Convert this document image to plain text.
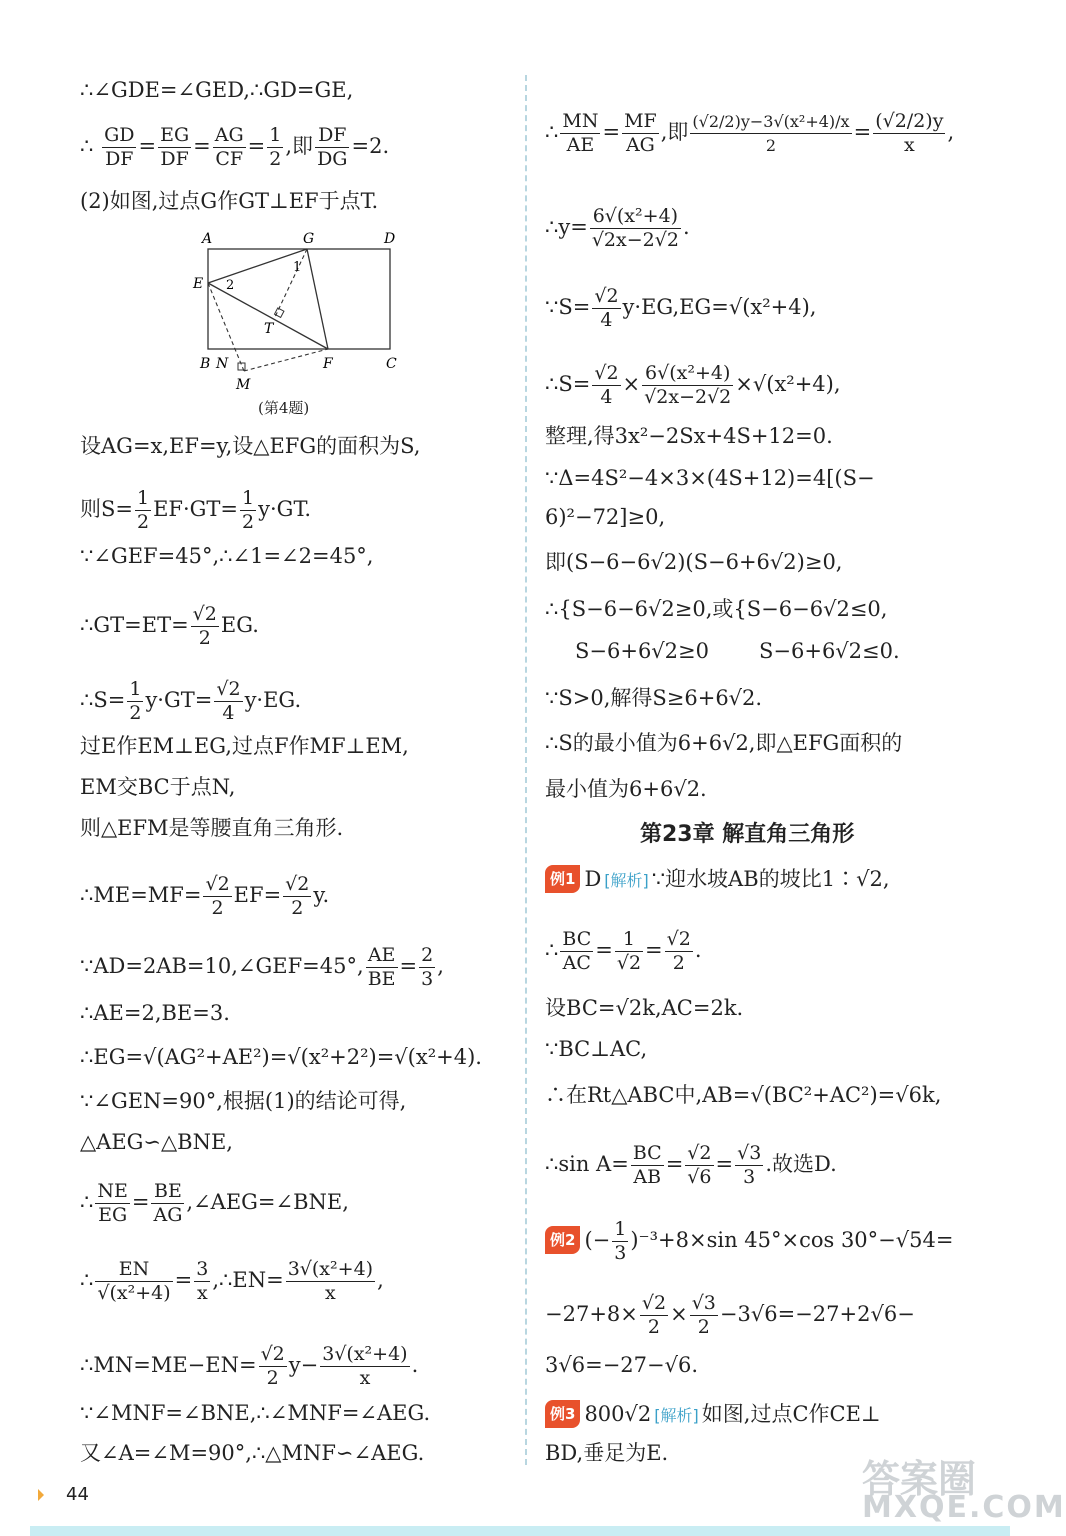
∴∠GDE=∠GED,∴GD=GE,
∴ $\frac{GD}{DF} = \frac{EG}{DF} = \frac{AG}{CF} = \frac{1}{2}$ ,即 $\frac{DF}{DG} =2$.
(2)如图,过点G作GT⊥EF于点T.
A	G	D
E
B N	F	C
T
M
1
2
(第4题)
设AG=x,EF=y,设△EFG的面积为S,
则$S= \frac{1}{2} EF\cdot GT= \frac{1}{2} y\cdot GT$.
∵∠GEF=45°,∴∠1=∠2=45°,
∴GT=ET= $\frac{√2}{2}$ EG.
∴S= $\frac{1}{2} y\cdot GT= \frac{√2}{4} y\cdot EG$.
过E作EM⊥EG,过点F作MF⊥EM,
EM交BC于点N,
则△EFM是等腰直角三角形.
∴ME=MF= $\frac{√2}{2} EF= \frac{√2}{2} y$.
∵AD=2AB=10,∠GEF=45°, $\frac{AE}{BE} = \frac{2}{3}$ ,
∴AE=2,BE=3.
∴EG=√(AG²+AE²)=√(x²+2²)=√(x²+4).
∵∠GEN=90°,根据(1)的结论可得,
△AEG∽△BNE,
∴ $\frac{NE}{EG} = \frac{BE}{AG}$ ,∠AEG=∠BNE,
∴ $\frac{EN}{\text{√(x²+4)}} = \frac{3}{x}$ ,∴EN= $\frac{\text{3√(x²+4)}}{x}$ ,
∴MN=ME−EN= $\frac{√2}{2} y- \frac{\text{3√(x²+4)}}{x}$ .
∵∠MNF=∠BNE,∴∠MNF=∠AEG.
又∠A=∠M=90°,∴△MNF∽∠AEG.
∴ $\frac{MN}{AE} = \frac{MF}{AG}$ ,即 $\frac{\text{(√2/2)y−3√(x²+4)/x}}{2} = \frac{(√2/2)y}{x}$ ,
∴y= $\frac{\text{6√(x²+4)}}{√2x-2√2}$ .
∵S= $\frac{√2}{4} y\cdot EG,EG=√(x^2+4)$,
∴S= $\frac{√2}{4} \times \frac{\text{6√(x²+4)}}{√2x-2√2} \times√(x^2+4)$,
整理,得3x²−2Sx+4S+12=0.
∵Δ=4S²−4×3×(4S+12)=4[(S−
6)²−72]≥0,
即(S−6−6√2)(S−6+6√2)≥0,
∴{S−6−6√2≥0,或{S−6−6√2≤0,
S−6+6√2≥0 S−6+6√2≤0.
∵S>0,解得S≥6+6√2.
∴S的最小值为6+6√2,即△EFG面积的
最小值为6+6√2.
第23章 解直角三角形
例1 D [解析] ∵迎水坡AB的坡比1∶√2,
∴ $\frac{BC}{AC} = \frac{1}{√2} = \frac{√2}{2}$ .
设BC=√2k,AC=2k.
∵BC⊥AC,
∴在Rt△ABC中,AB=√(BC²+AC²)=√6k,
∴sin $A= \frac{BC}{AB} = \frac{√2}{√6} = \frac{√3}{3}$ .故选D.
例2 (− $\frac{1}{3} )^{-3}+8\times\sin$ 45°×cos 30°−√54=
$-27+8\times \frac{√2}{2} \times \frac{√3}{2} -3√6=-27+2√6-$
3√6=−27−√6.
例3 800√2 [解析] 如图,过点C作CE⊥
BD,垂足为E.
答案圈
MXQE.COM
44
